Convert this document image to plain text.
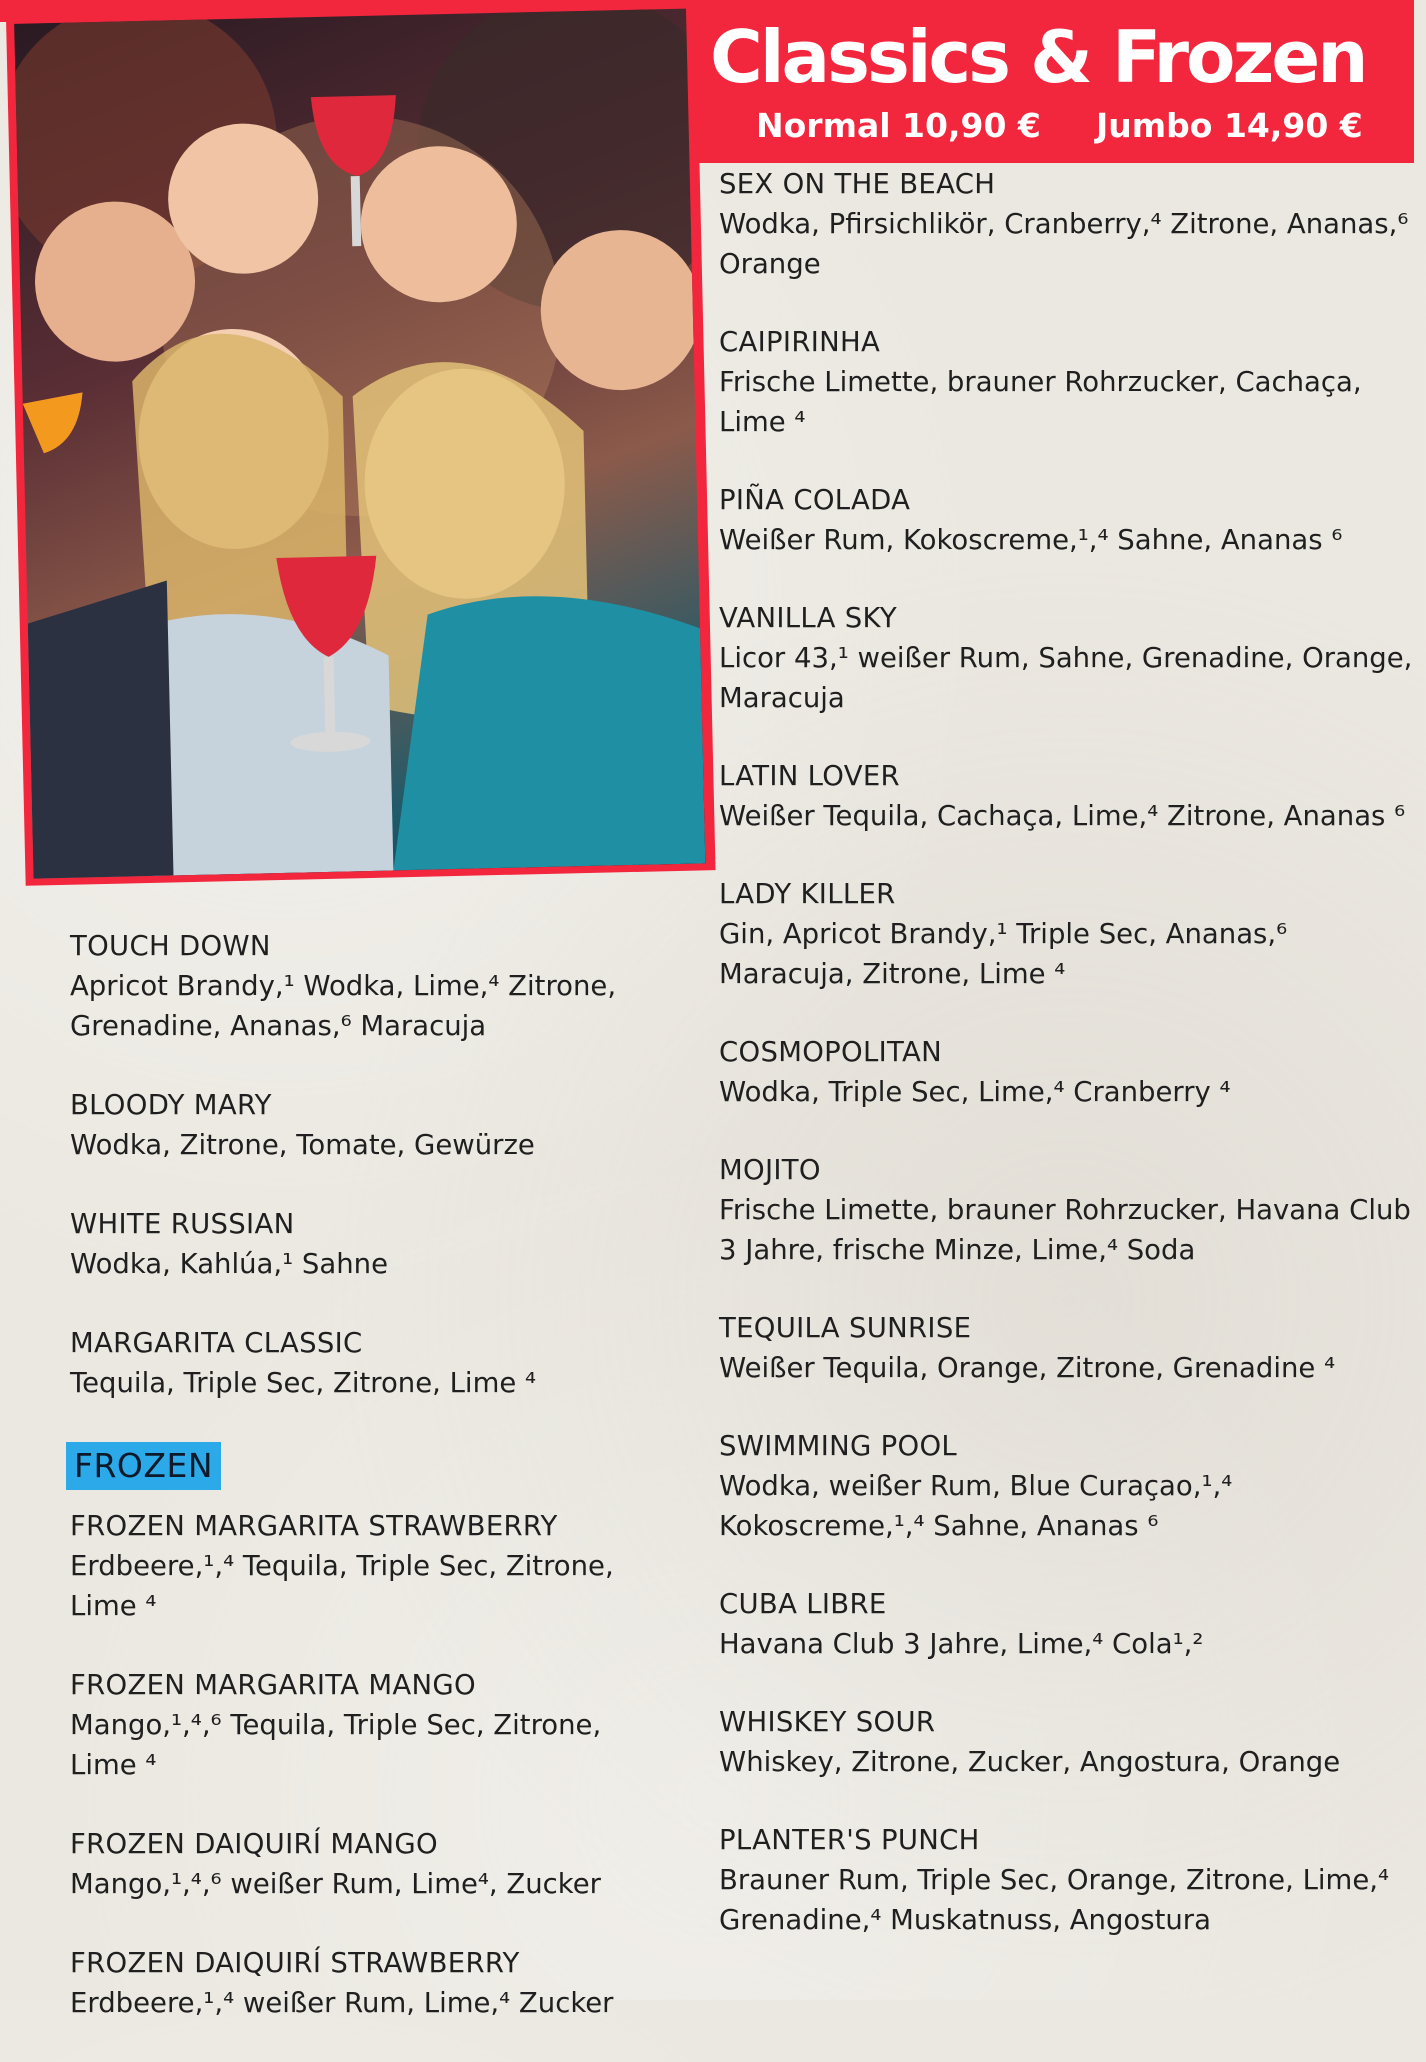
Classics & Frozen
Normal 10,90 € Jumbo 14,90 €
TOUCH DOWN
Apricot Brandy,¹ Wodka, Lime,⁴ Zitrone, Grenadine, Ananas,⁶ Maracuja
BLOODY MARY
Wodka, Zitrone, Tomate, Gewürze
WHITE RUSSIAN
Wodka, Kahlúa,¹ Sahne
MARGARITA CLASSIC
Tequila, Triple Sec, Zitrone, Lime ⁴
FROZEN
FROZEN MARGARITA STRAWBERRY
Erdbeere,¹,⁴ Tequila, Triple Sec, Zitrone, Lime ⁴
FROZEN MARGARITA MANGO
Mango,¹,⁴,⁶ Tequila, Triple Sec, Zitrone, Lime ⁴
FROZEN DAIQUIRÍ MANGO
Mango,¹,⁴,⁶ weißer Rum, Lime⁴, Zucker
FROZEN DAIQUIRÍ STRAWBERRY
Erdbeere,¹,⁴ weißer Rum, Lime,⁴ Zucker
SEX ON THE BEACH
Wodka, Pfirsichlikör, Cranberry,⁴ Zitrone, Ananas,⁶ Orange
CAIPIRINHA
Frische Limette, brauner Rohrzucker, Cachaça, Lime ⁴
PIÑA COLADA
Weißer Rum, Kokoscreme,¹,⁴ Sahne, Ananas ⁶
VANILLA SKY
Licor 43,¹ weißer Rum, Sahne, Grenadine, Orange, Maracuja
LATIN LOVER
Weißer Tequila, Cachaça, Lime,⁴ Zitrone, Ananas ⁶
LADY KILLER
Gin, Apricot Brandy,¹ Triple Sec, Ananas,⁶ Maracuja, Zitrone, Lime ⁴
COSMOPOLITAN
Wodka, Triple Sec, Lime,⁴ Cranberry ⁴
MOJITO
Frische Limette, brauner Rohrzucker, Havana Club 3 Jahre, frische Minze, Lime,⁴ Soda
TEQUILA SUNRISE
Weißer Tequila, Orange, Zitrone, Grenadine ⁴
SWIMMING POOL
Wodka, weißer Rum, Blue Curaçao,¹,⁴ Kokoscreme,¹,⁴ Sahne, Ananas ⁶
CUBA LIBRE
Havana Club 3 Jahre, Lime,⁴ Cola¹,²
WHISKEY SOUR
Whiskey, Zitrone, Zucker, Angostura, Orange
PLANTER'S PUNCH
Brauner Rum, Triple Sec, Orange, Zitrone, Lime,⁴ Grenadine,⁴ Muskatnuss, Angostura
